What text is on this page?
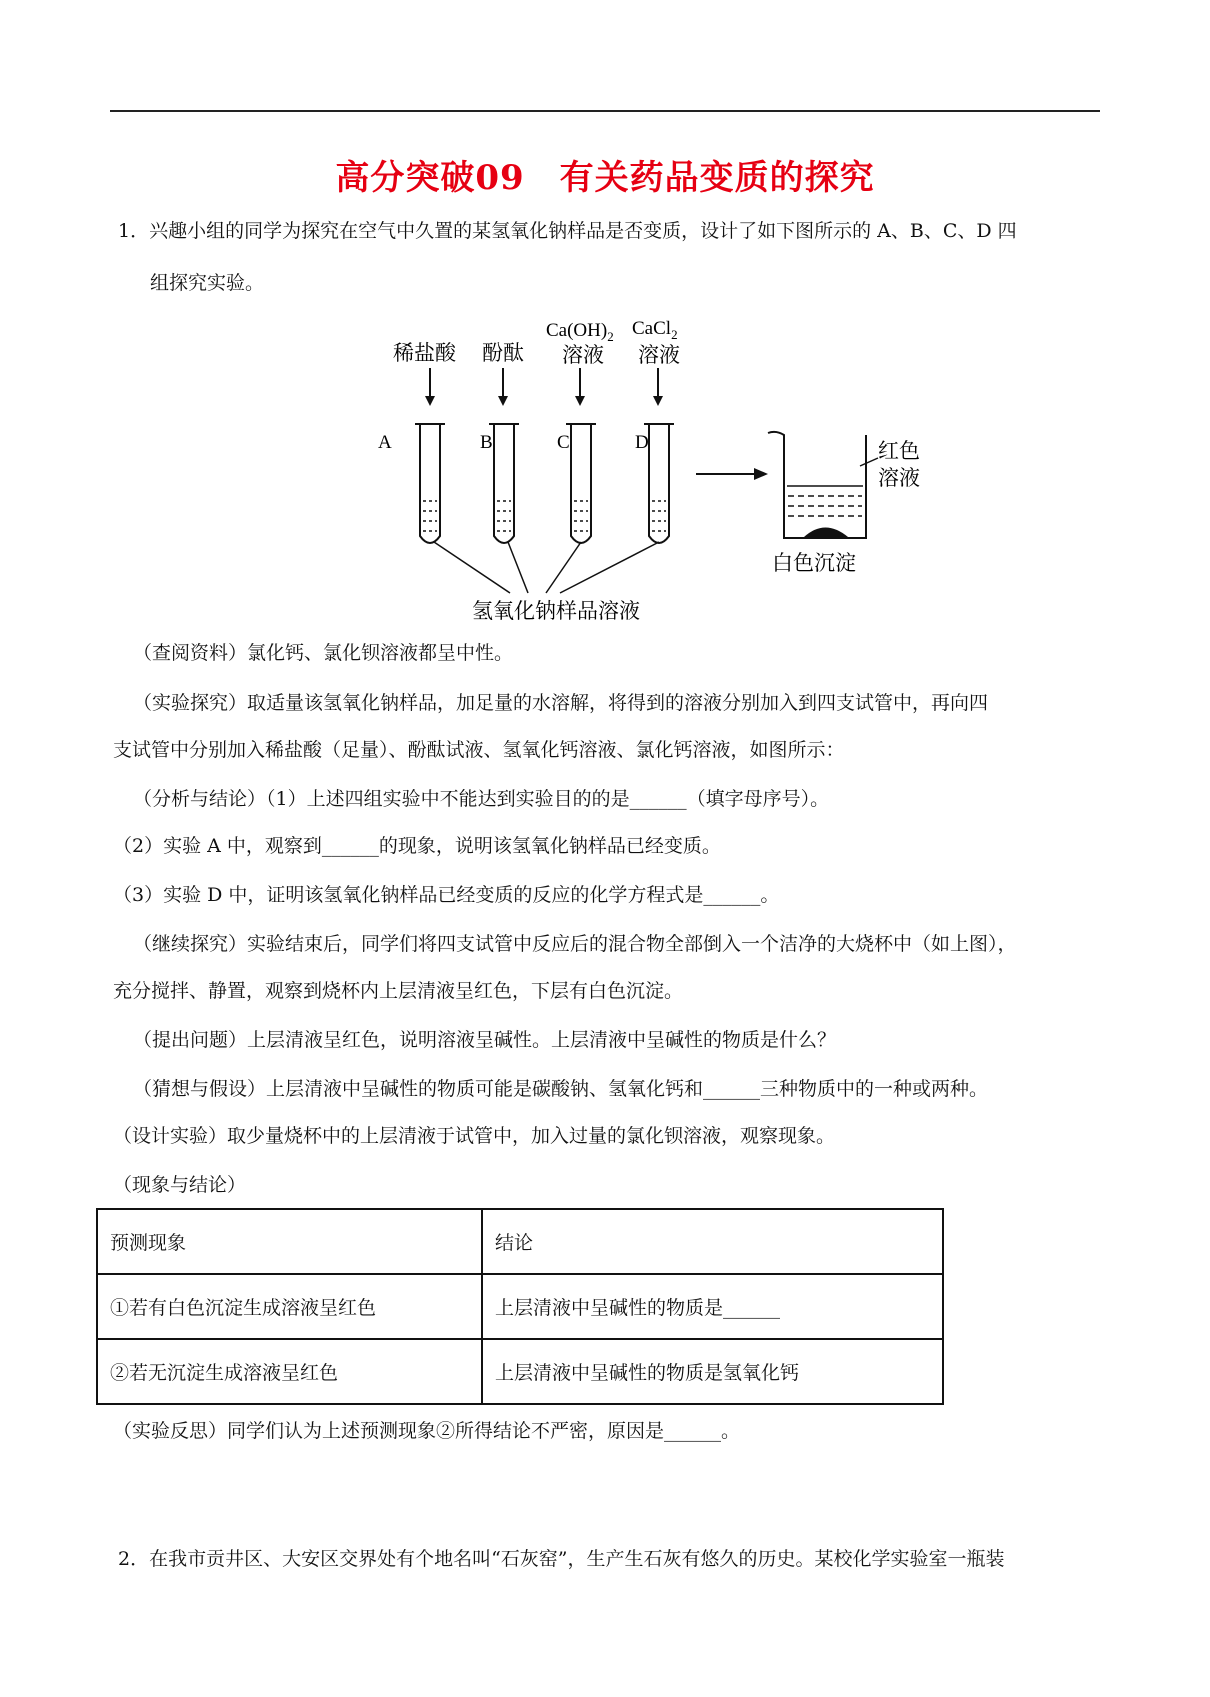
高分突破09　有关药品变质的探究
1．兴趣小组的同学为探究在空气中久置的某氢氧化钠样品是否变质，设计了如下图所示的 A、B、C、D 四
组探究实验。
稀盐酸 酚酞
$Ca(OH)_2$
溶液
CaCl$_2$
溶液
A	B	C	D	红色
溶液
白色沉淀
氢氧化钠样品溶液
（查阅资料）氯化钙、氯化钡溶液都呈中性。
（实验探究）取适量该氢氧化钠样品，加足量的水溶解，将得到的溶液分别加入到四支试管中，再向四
支试管中分别加入稀盐酸（足量）、酚酞试液、氢氧化钙溶液、氯化钙溶液，如图所示：
（分析与结论）（1）上述四组实验中不能达到实验目的的是______（填字母序号）。
（2）实验 A 中，观察到______的现象，说明该氢氧化钠样品已经变质。
（3）实验 D 中，证明该氢氧化钠样品已经变质的反应的化学方程式是______。
（继续探究）实验结束后，同学们将四支试管中反应后的混合物全部倒入一个洁净的大烧杯中（如上图），
充分搅拌、静置，观察到烧杯内上层清液呈红色，下层有白色沉淀。
（提出问题）上层清液呈红色，说明溶液呈碱性。上层清液中呈碱性的物质是什么？
（猜想与假设）上层清液中呈碱性的物质可能是碳酸钠、氢氧化钙和______三种物质中的一种或两种。
（设计实验）取少量烧杯中的上层清液于试管中，加入过量的氯化钡溶液，观察现象。
（现象与结论）
预测现象	结论
①若有白色沉淀生成溶液呈红色	上层清液中呈碱性的物质是______
②若无沉淀生成溶液呈红色	上层清液中呈碱性的物质是氢氧化钙
（实验反思）同学们认为上述预测现象②所得结论不严密，原因是______。
2．在我市贡井区、大安区交界处有个地名叫“石灰窑”，生产生石灰有悠久的历史。某校化学实验室一瓶装
